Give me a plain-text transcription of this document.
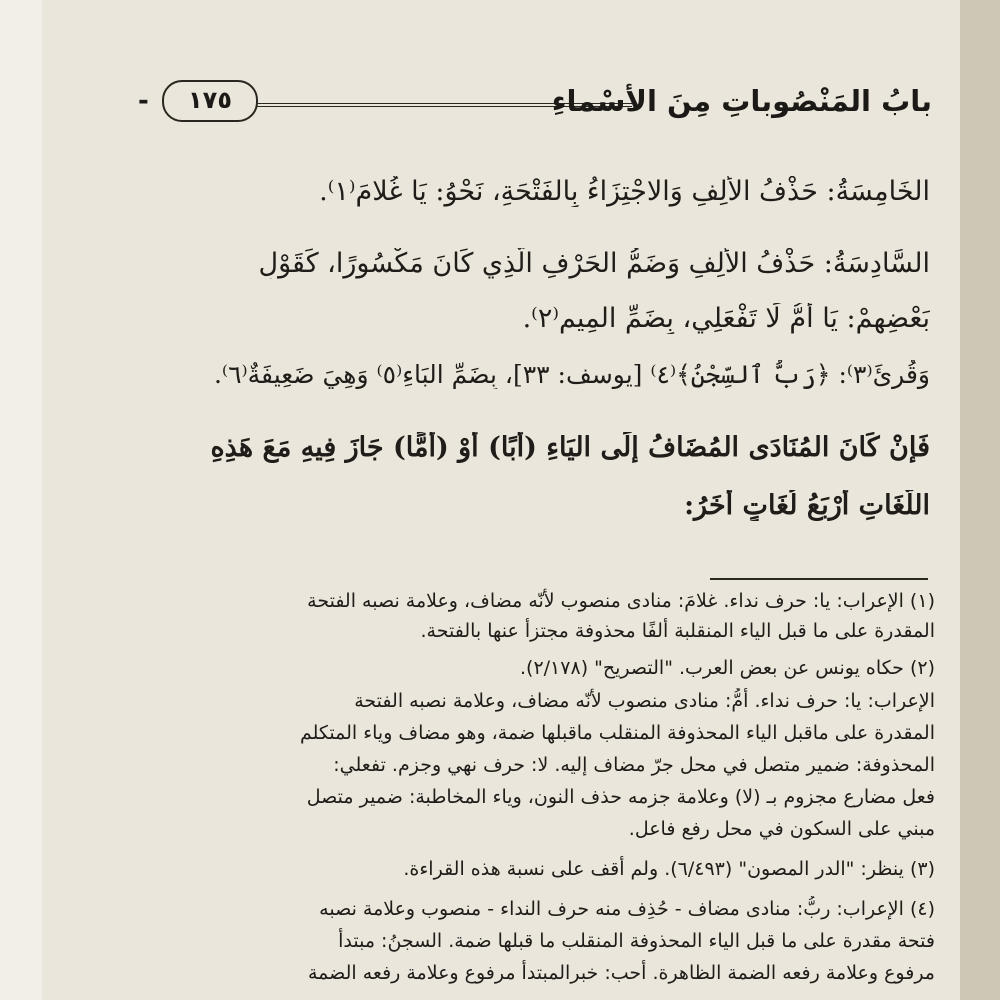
-	١٧٥	بابُ المَنْصُوباتِ مِنَ الأسْماءِ
الخَامِسَةُ: حَذْفُ الألِفِ وَالاجْتِزَاءُ بِالفَتْحَةِ، نَحْوُ: يَا غُلامَ⁽١⁾.
السَّادِسَةُ: حَذْفُ الألِفِ وَضَمُّ الحَرْفِ الَّذِي كَانَ مَكْسُورًا، كَقَوْلِ
بَعْضِهِمْ: يَا أُمُّ لَا تَفْعَلِي، بِضَمِّ المِيمِ⁽٢⁾.
وَقُرِئَ⁽٣⁾: ﴿رَبُّ ٱلسِّجْنُ﴾⁽٤⁾ [يوسف: ٣٣]، بِضَمِّ البَاءِ⁽٥⁾ وَهِيَ ضَعِيفَةٌ⁽٦⁾.
فَإِنْ كَانَ المُنَادَى المُضَافُ إِلَى اليَاءِ (أَبًا) أَوْ (أُمًّا) جَازَ فِيهِ مَعَ هَذِهِ
اللُّغَاتِ أَرْبَعُ لُغَاتٍ أُخَرُ:
(١) الإعراب: يا: حرف نداء. غلامَ: منادى منصوب لأنّه مضاف، وعلامة نصبه الفتحة
المقدرة على ما قبل الياء المنقلبة ألفًا محذوفة مجتزأً عنها بالفتحة.
(٢) حكاه يونس عن بعض العرب. "التصريح" (٢/١٧٨).
الإعراب: يا: حرف نداء. أمُّ: منادى منصوب لأنّه مضاف، وعلامة نصبه الفتحة
المقدرة على ماقبل الياء المحذوفة المنقلب ماقبلها ضمة، وهو مضاف وياء المتكلم
المحذوفة: ضمير متصل في محل جرّ مضاف إليه. لا: حرف نهي وجزم. تفعلي:
فعل مضارع مجزوم بـ (لا) وعلامة جزمه حذف النون، وياء المخاطبة: ضمير متصل
مبني على السكون في محل رفع فاعل.
(٣) ينظر: "الدر المصون" (٦/٤٩٣). ولم أقف على نسبة هذه القراءة.
(٤) الإعراب: ربُّ: منادى مضاف - حُذِف منه حرف النداء - منصوب وعلامة نصبه
فتحة مقدرة على ما قبل الياء المحذوفة المنقلب ما قبلها ضمة. السجنُ: مبتدأ
مرفوع وعلامة رفعه الضمة الظاهرة. أحب: خبرالمبتدأ مرفوع وعلامة رفعه الضمة
